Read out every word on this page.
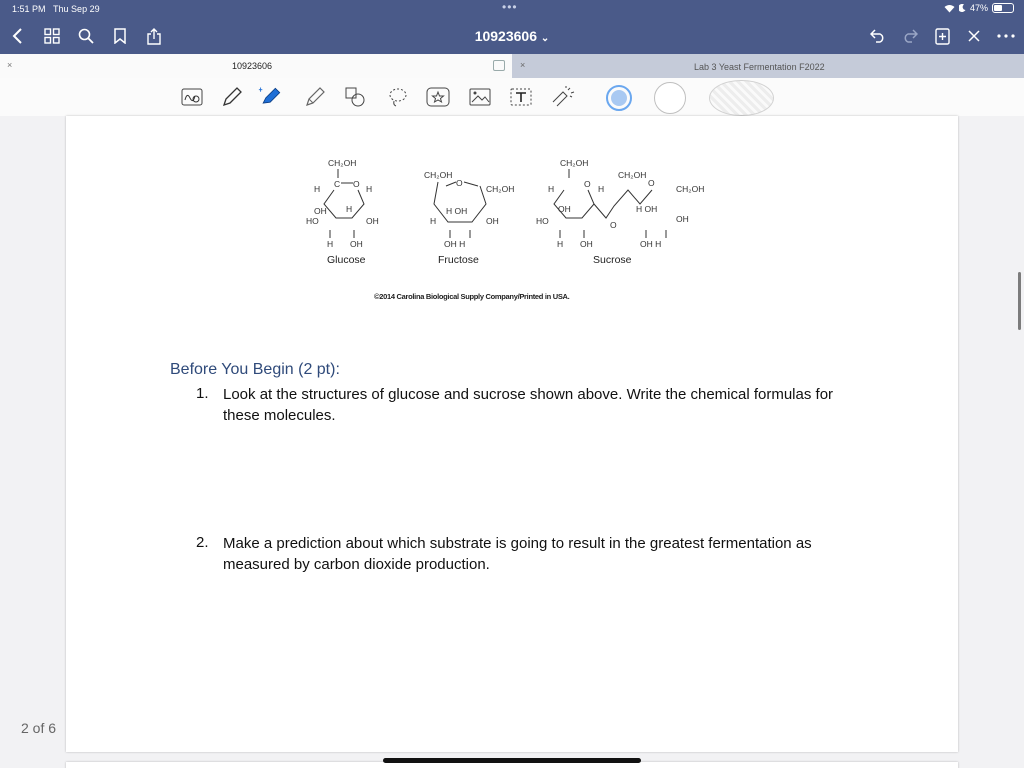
1:51 PM Thu Sep 29	•••	47%
10923606 ⌄
×	10923606	×	Lab 3 Yeast Fermentation F2022
CH₂OH
C O
H	H
OH H
HO	OH
H OH
CH₂OH
O
CH₂OH
H OH
H	OH
OH H
CH₂OH
O
H	H
OH
HO	O
CH₂OH
O
CH₂OH
H OH
OH
H OH	OH H
Glucose	Fructose	Sucrose
©2014 Carolina Biological Supply Company/Printed in USA.
Before You Begin (2 pt):
1. Look at the structures of glucose and sucrose shown above. Write the chemical formulas for these molecules.
2. Make a prediction about which substrate is going to result in the greatest fermentation as measured by carbon dioxide production.
2 of 6
